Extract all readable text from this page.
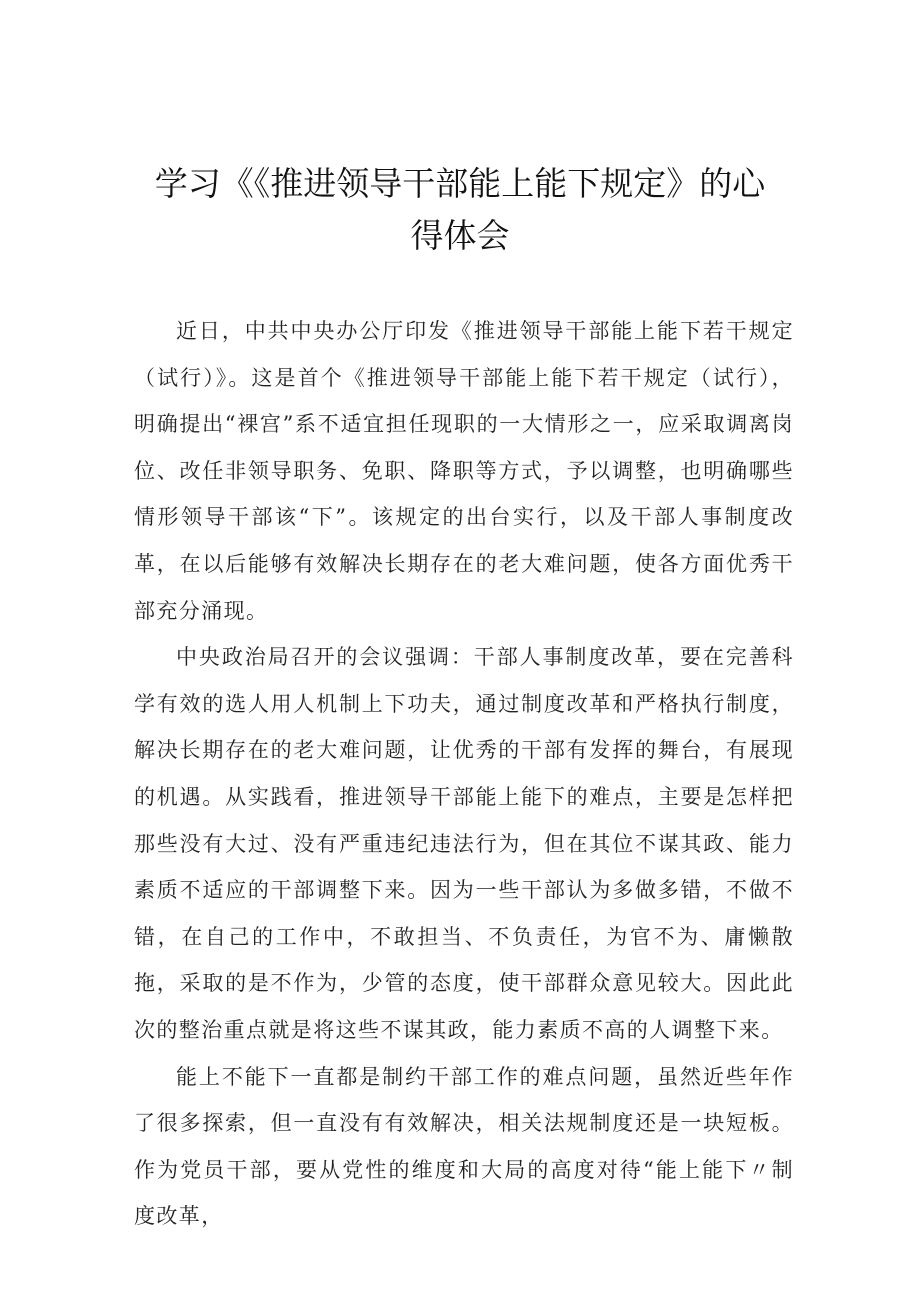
学习《《推进领导干部能上能下规定》的心
得体会

近日，中共中央办公厅印发《推进领导干部能上能下若干规定（试行）》。这是首个《推进领导干部能上能下若干规定（试行），明确提出“裸宫”系不适宜担任现职的一大情形之一，应采取调离岗位、改任非领导职务、免职、降职等方式，予以调整，也明确哪些情形领导干部该“下”。该规定的出台实行，以及干部人事制度改革，在以后能够有效解决长期存在的老大难问题，使各方面优秀干部充分涌现。

中央政治局召开的会议强调：干部人事制度改革，要在完善科学有效的选人用人机制上下功夫，通过制度改革和严格执行制度，解决长期存在的老大难问题，让优秀的干部有发挥的舞台，有展现的机遇。从实践看，推进领导干部能上能下的难点，主要是怎样把那些没有大过、没有严重违纪违法行为，但在其位不谋其政、能力素质不适应的干部调整下来。因为一些干部认为多做多错，不做不错，在自己的工作中，不敢担当、不负责任，为官不为、庸懒散拖，采取的是不作为，少管的态度，使干部群众意见较大。因此此次的整治重点就是将这些不谋其政，能力素质不高的人调整下来。

能上不能下一直都是制约干部工作的难点问题，虽然近些年作了很多探索，但一直没有有效解决，相关法规制度还是一块短板。作为党员干部，要从党性的维度和大局的高度对待“能上能下〃制度改革，
